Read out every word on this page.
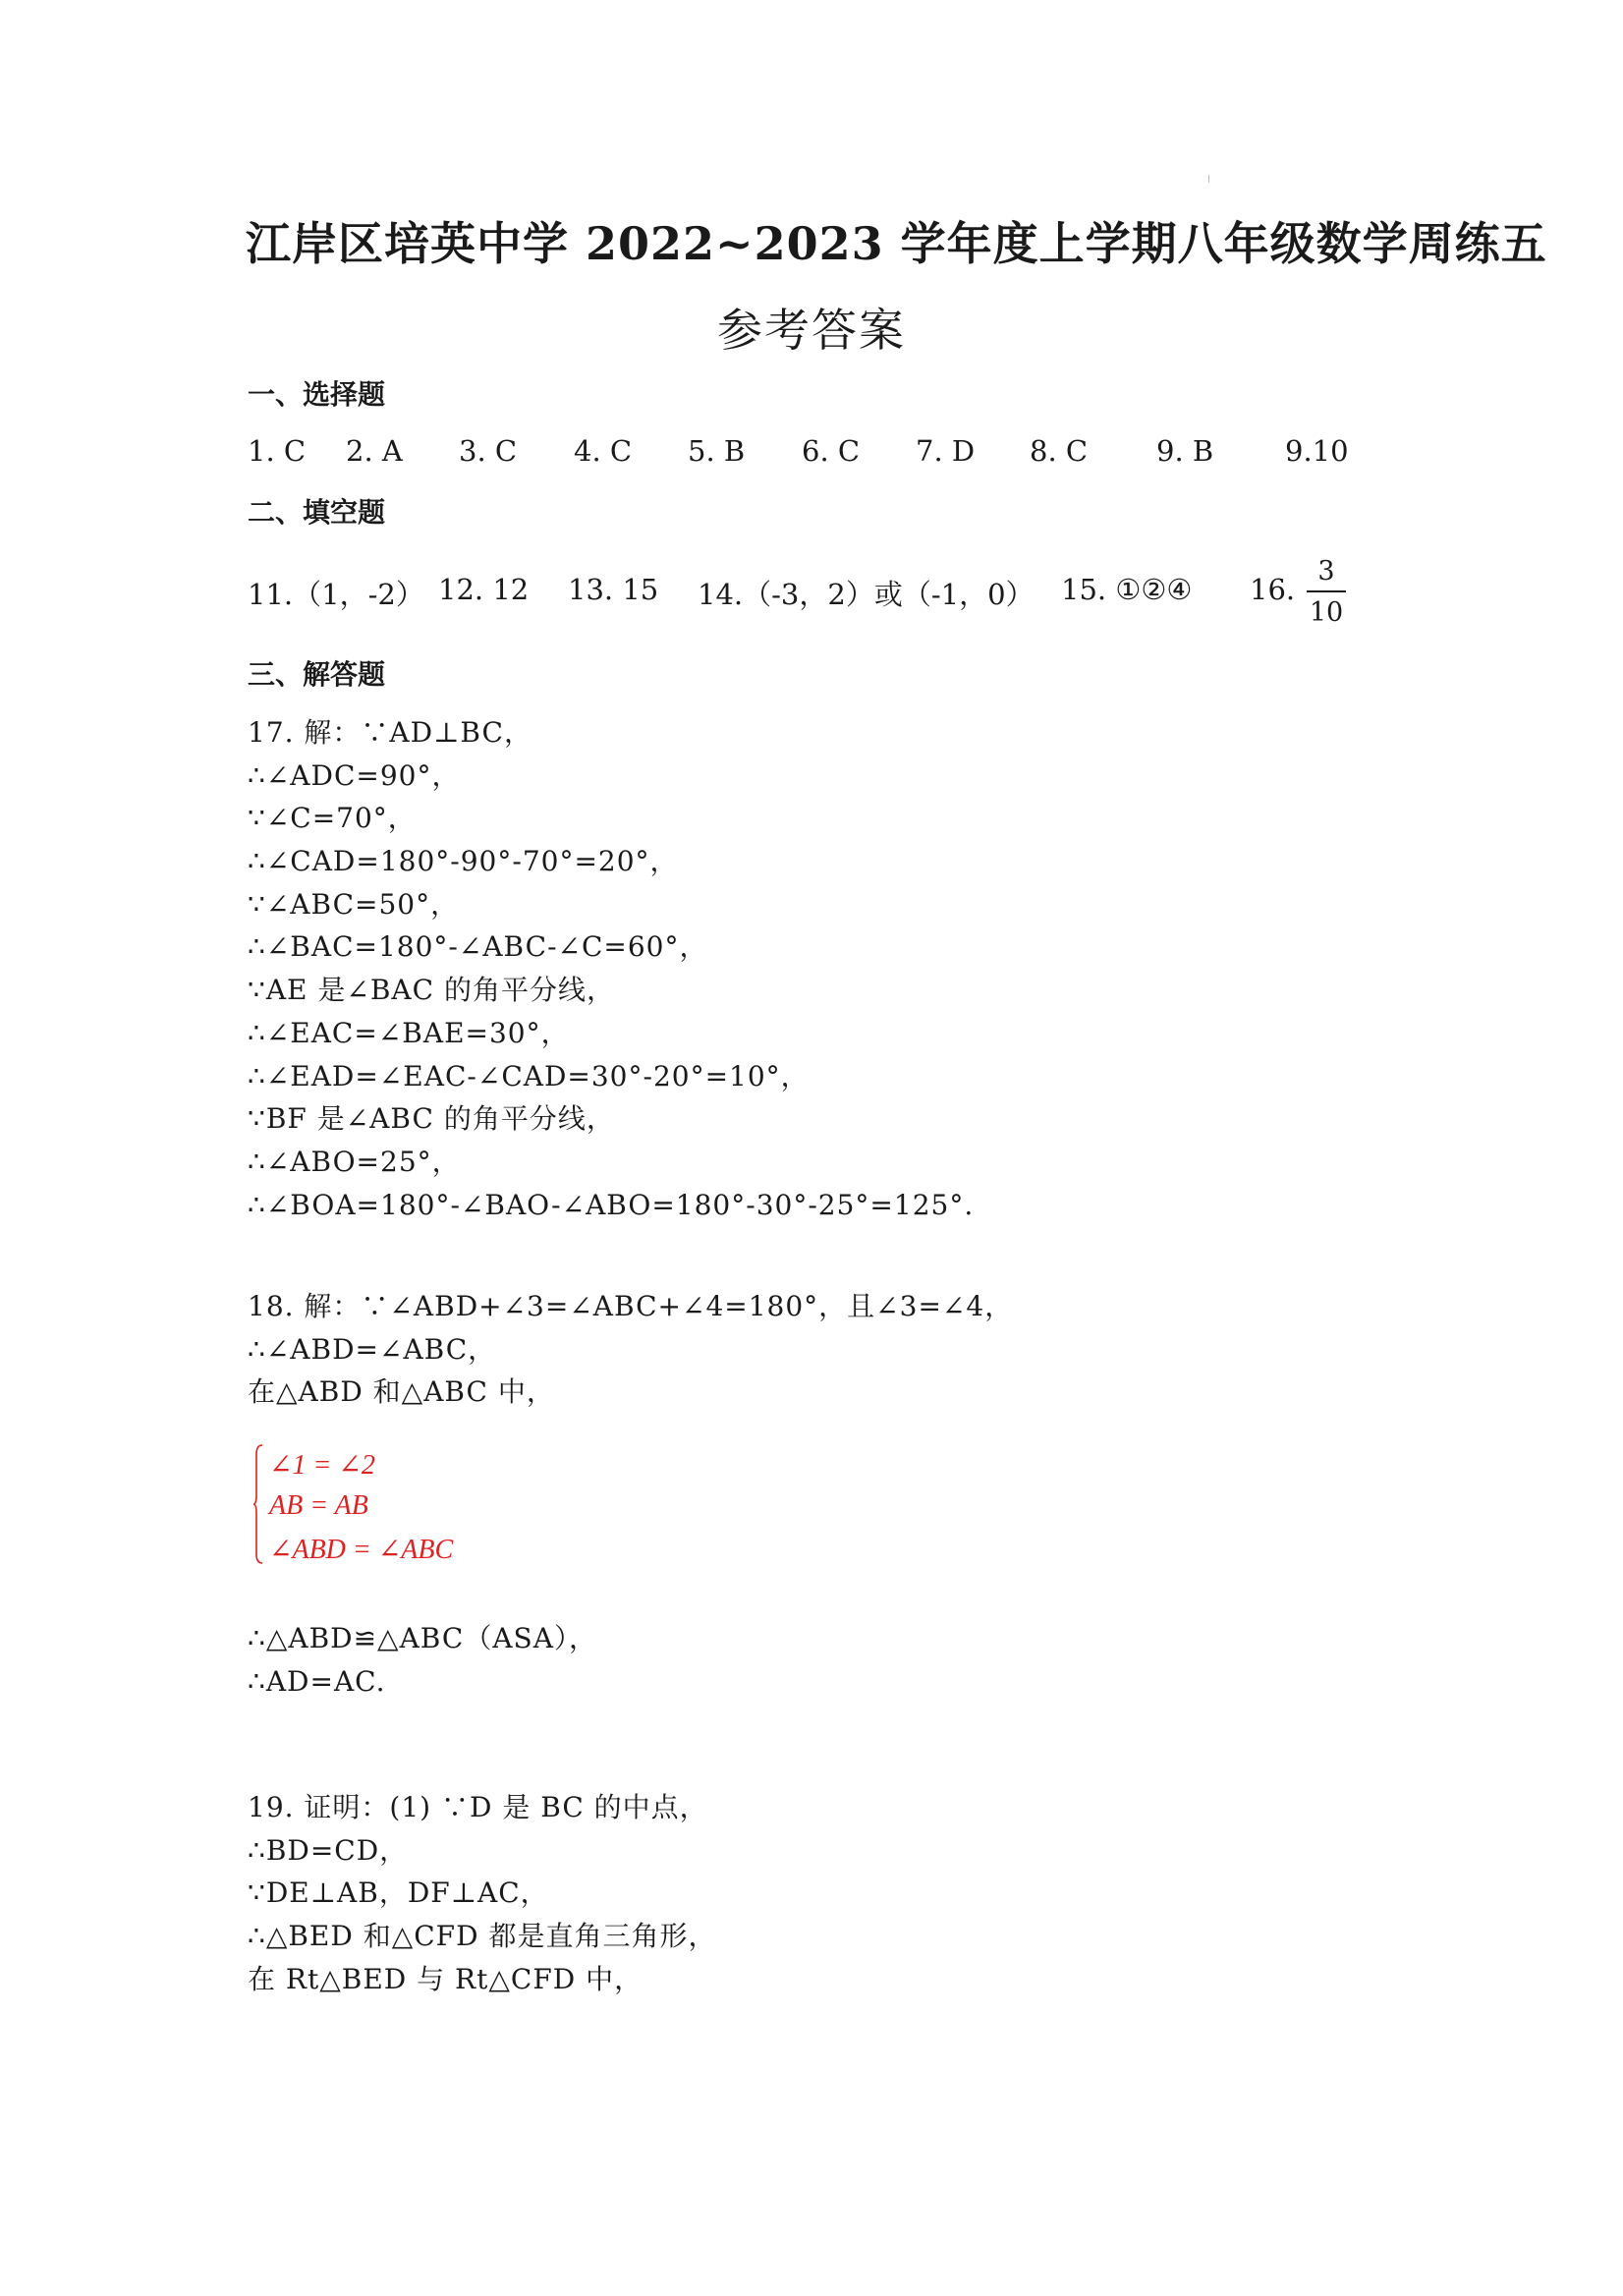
江岸区培英中学 2022~2023 学年度上学期八年级数学周练五
参考答案
一、选择题
1. C 2. A 3. C 4. C 5. B 6. C 7. D 8. C 9. B	9.10
二、填空题
11.（1，-2） 12. 12 13. 15 14.（-3，2）或（-1，0） 15. ①②④ 16.
3
10
三、解答题
17. 解：∵AD⊥BC，
∴∠ADC=90°，
∵∠C=70°，
∴∠CAD=180°-90°-70°=20°，
∵∠ABC=50°，
∴∠BAC=180°-∠ABC-∠C=60°，
∵AE 是∠BAC 的角平分线，
∴∠EAC=∠BAE=30°，
∴∠EAD=∠EAC-∠CAD=30°-20°=10°，
∵BF 是∠ABC 的角平分线，
∴∠ABO=25°，
∴∠BOA=180°-∠BAO-∠ABO=180°-30°-25°=125°.
18. 解：∵∠ABD+∠3=∠ABC+∠4=180°，且∠3=∠4，
∴∠ABD=∠ABC，
在△ABD 和△ABC 中，
∠1 = ∠2
AB = AB
∠ABD = ∠ABC
∴△ABD≌△ABC（ASA），
∴AD=AC.
19. 证明：(1) ∵D 是 BC 的中点，
∴BD=CD，
∵DE⊥AB，DF⊥AC，
∴△BED 和△CFD 都是直角三角形，
在 Rt△BED 与 Rt△CFD 中，
